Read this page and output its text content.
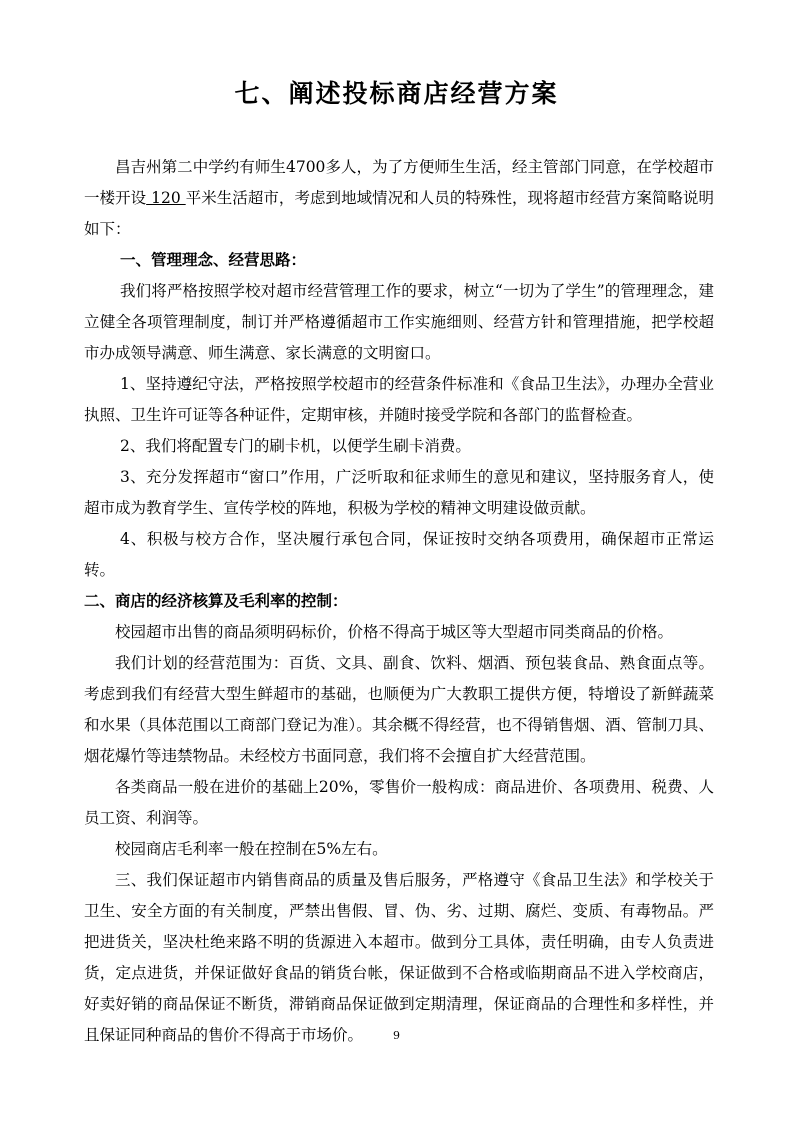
七、阐述投标商店经营方案

昌吉州第二中学约有师生4700多人，为了方便师生生活，经主管部门同意，在学校超市一楼开设 120 平米生活超市，考虑到地域情况和人员的特殊性，现将超市经营方案简略说明如下：

一、管理理念、经营思路：

我们将严格按照学校对超市经营管理工作的要求，树立“一切为了学生”的管理理念，建立健全各项管理制度，制订并严格遵循超市工作实施细则、经营方针和管理措施，把学校超市办成领导满意、师生满意、家长满意的文明窗口。

1、坚持遵纪守法，严格按照学校超市的经营条件标准和《食品卫生法》，办理办全营业执照、卫生许可证等各种证件，定期审核，并随时接受学院和各部门的监督检查。

2、我们将配置专门的刷卡机，以便学生刷卡消费。

3、充分发挥超市“窗口”作用，广泛听取和征求师生的意见和建议，坚持服务育人，使超市成为教育学生、宣传学校的阵地，积极为学校的精神文明建设做贡献。

4、积极与校方合作，坚决履行承包合同，保证按时交纳各项费用，确保超市正常运转。

二、商店的经济核算及毛利率的控制：

校园超市出售的商品须明码标价，价格不得高于城区等大型超市同类商品的价格。

我们计划的经营范围为：百货、文具、副食、饮料、烟酒、预包装食品、熟食面点等。考虑到我们有经营大型生鲜超市的基础，也顺便为广大教职工提供方便，特增设了新鲜蔬菜和水果（具体范围以工商部门登记为准）。其余概不得经营，也不得销售烟、酒、管制刀具、烟花爆竹等违禁物品。未经校方书面同意，我们将不会擅自扩大经营范围。

各类商品一般在进价的基础上20%，零售价一般构成：商品进价、各项费用、税费、人员工资、利润等。

校园商店毛利率一般在控制在5%左右。

三、我们保证超市内销售商品的质量及售后服务，严格遵守《食品卫生法》和学校关于卫生、安全方面的有关制度，严禁出售假、冒、伪、劣、过期、腐烂、变质、有毒物品。严把进货关，坚决杜绝来路不明的货源进入本超市。做到分工具体，责任明确，由专人负责进货，定点进货，并保证做好食品的销货台帐，保证做到不合格或临期商品不进入学校商店，好卖好销的商品保证不断货，滞销商品保证做到定期清理，保证商品的合理性和多样性，并且保证同种商品的售价不得高于市场价。	9
